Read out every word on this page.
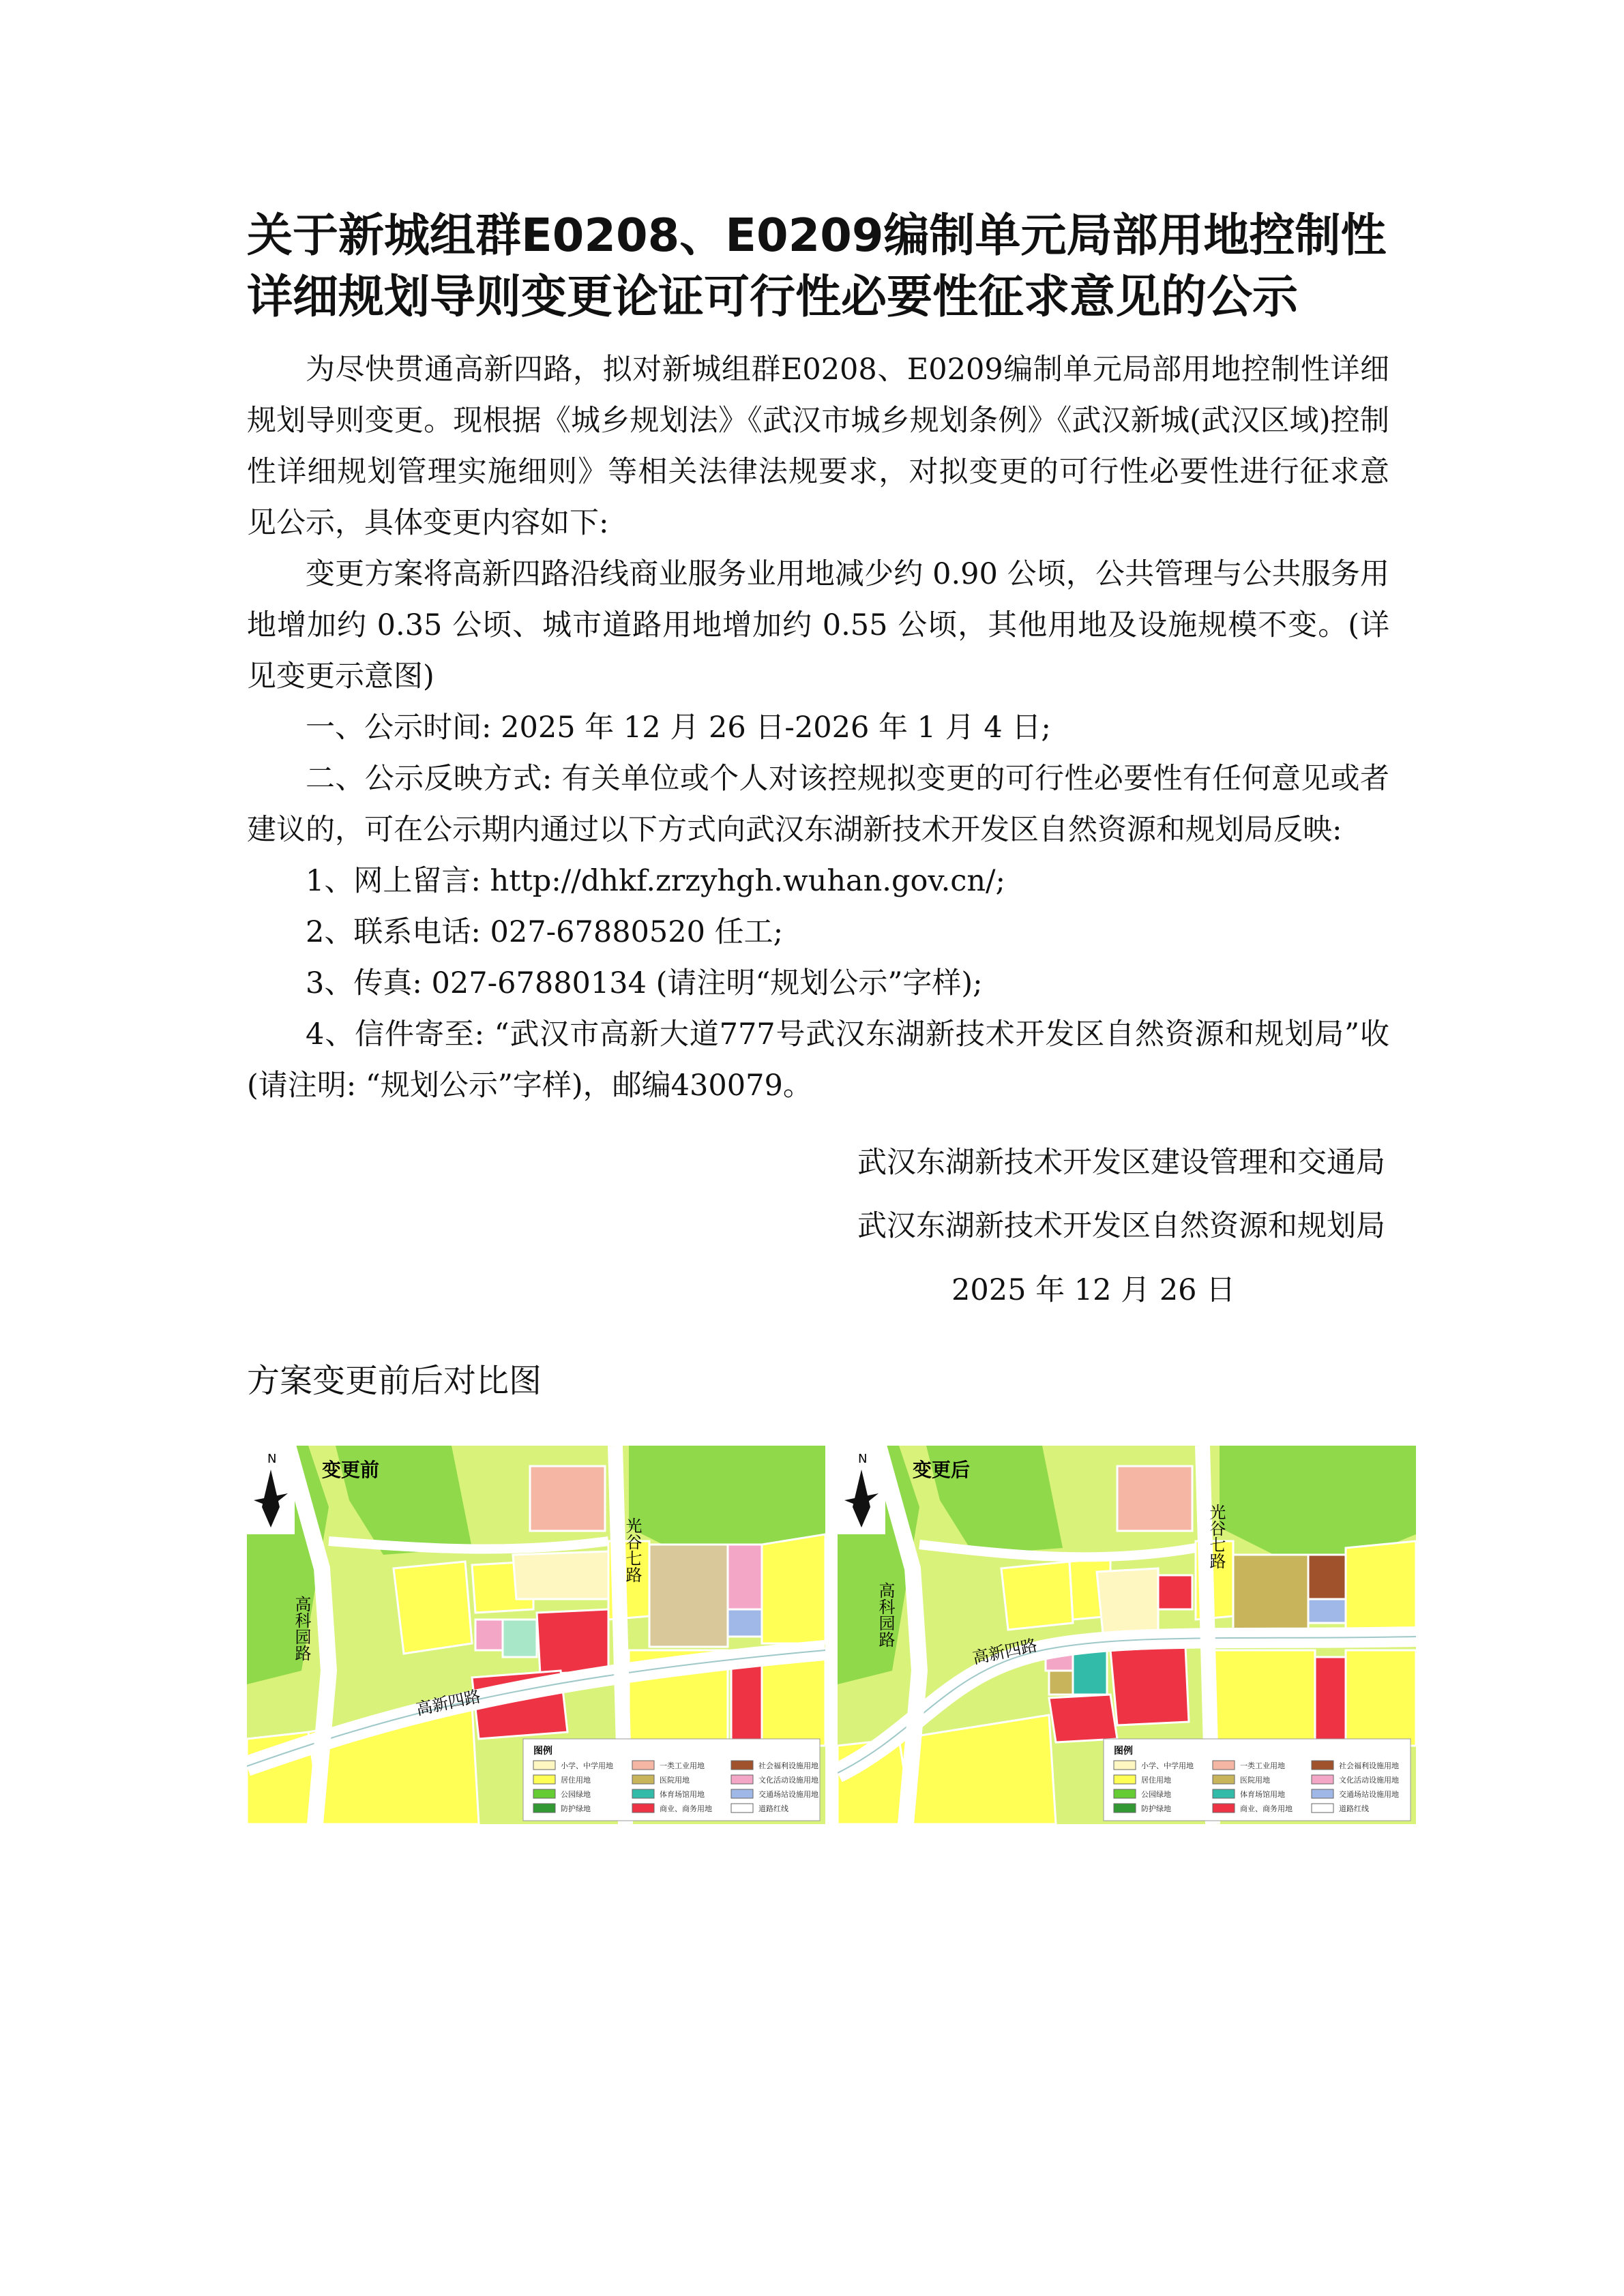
关于新城组群E0208、E0209编制单元局部用地控制性
详细规划导则变更论证可行性必要性征求意见的公示

为尽快贯通高新四路，拟对新城组群E0208、E0209编制单元局部用地控制性详细规划导则变更。现根据《城乡规划法》《武汉市城乡规划条例》《武汉新城(武汉区域)控制性详细规划管理实施细则》等相关法律法规要求，对拟变更的可行性必要性进行征求意见公示，具体变更内容如下:

变更方案将高新四路沿线商业服务业用地减少约 0.90 公顷，公共管理与公共服务用地增加约 0.35 公顷、城市道路用地增加约 0.55 公顷，其他用地及设施规模不变。(详见变更示意图)

一、公示时间: 2025 年 12 月 26 日-2026 年 1 月 4 日;

二、公示反映方式: 有关单位或个人对该控规拟变更的可行性必要性有任何意见或者建议的，可在公示期内通过以下方式向武汉东湖新技术开发区自然资源和规划局反映:

1、网上留言: http://dhkf.zrzyhgh.wuhan.gov.cn/;

2、联系电话: 027-67880520 任工;

3、传真: 027-67880134 (请注明“规划公示”字样);

4、信件寄至: “武汉市高新大道777号武汉东湖新技术开发区自然资源和规划局”收(请注明: “规划公示”字样)，邮编430079。

武汉东湖新技术开发区建设管理和交通局
武汉东湖新技术开发区自然资源和规划局
2025 年 12 月 26 日
方案变更前后对比图
N 变更前
光谷七路
高科园路
高新四路
图例
小学、中学用地	一类工业用地	社会福利设施用地
居住用地	医院用地	文化活动设施用地
公园绿地	体育场馆用地	交通场站设施用地
防护绿地	商业、商务用地	道路红线
N 变更后
光谷七路
高科园路
高新四路
图例
小学、中学用地	一类工业用地	社会福利设施用地
居住用地	医院用地	文化活动设施用地
公园绿地	体育场馆用地	交通场站设施用地
防护绿地	商业、商务用地	道路红线
